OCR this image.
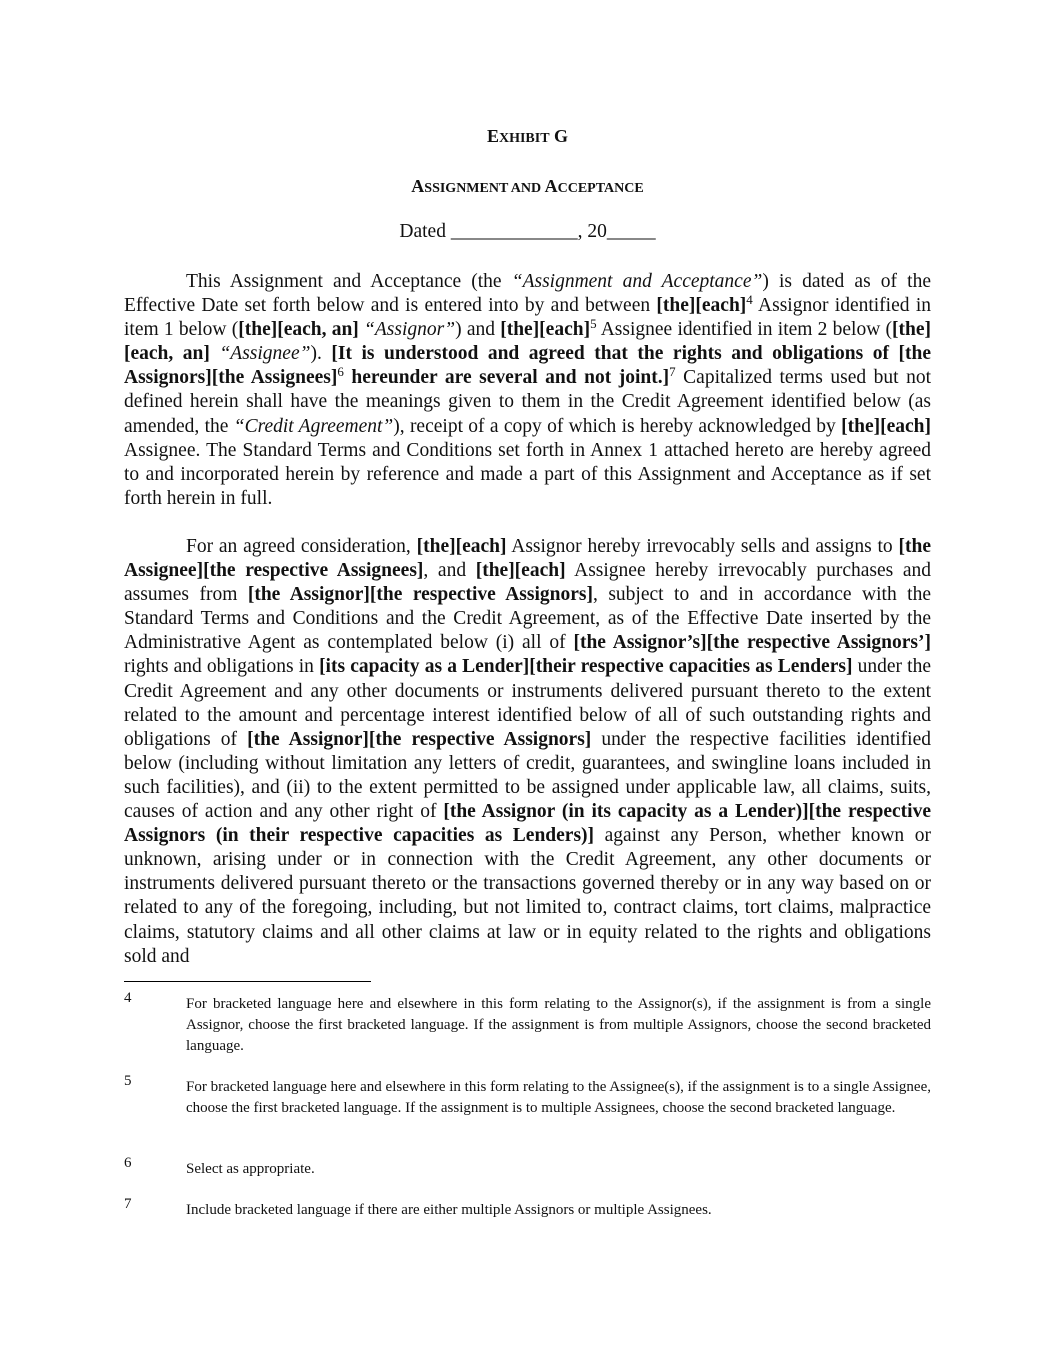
EXHIBIT G
ASSIGNMENT AND ACCEPTANCE
Dated _____________, 20_____

This Assignment and Acceptance (the “Assignment and Acceptance”) is dated as of the Effective Date set forth below and is entered into by and between [the][each]$^4$ Assignor identified in item 1 below ([the][each, an] “Assignor”) and [the][each]$^5$ Assignee identified in item 2 below ([the][each, an] “Assignee”). [It is understood and agreed that the rights and obligations of [the Assignors][the Assignees]$^6$ hereunder are several and not joint.]$^7$ Capitalized terms used but not defined herein shall have the meanings given to them in the Credit Agreement identified below (as amended, the “Credit Agreement”), receipt of a copy of which is hereby acknowledged by [the][each] Assignee. The Standard Terms and Conditions set forth in Annex 1 attached hereto are hereby agreed to and incorporated herein by reference and made a part of this Assignment and Acceptance as if set forth herein in full.

For an agreed consideration, [the][each] Assignor hereby irrevocably sells and assigns to [the Assignee][the respective Assignees], and [the][each] Assignee hereby irrevocably purchases and assumes from [the Assignor][the respective Assignors], subject to and in accordance with the Standard Terms and Conditions and the Credit Agreement, as of the Effective Date inserted by the Administrative Agent as contemplated below (i) all of [the Assignor’s][the respective Assignors’] rights and obligations in [its capacity as a Lender][their respective capacities as Lenders] under the Credit Agreement and any other documents or instruments delivered pursuant thereto to the extent related to the amount and percentage interest identified below of all of such outstanding rights and obligations of [the Assignor][the respective Assignors] under the respective facilities identified below (including without limitation any letters of credit, guarantees, and swingline loans included in such facilities), and (ii) to the extent permitted to be assigned under applicable law, all claims, suits, causes of action and any other right of [the Assignor (in its capacity as a Lender)][the respective Assignors (in their respective capacities as Lenders)] against any Person, whether known or unknown, arising under or in connection with the Credit Agreement, any other documents or instruments delivered pursuant thereto or the transactions governed thereby or in any way based on or related to any of the foregoing, including, but not limited to, contract claims, tort claims, malpractice claims, statutory claims and all other claims at law or in equity related to the rights and obligations sold and

4	For bracketed language here and elsewhere in this form relating to the Assignor(s), if the assignment is from a single Assignor, choose the first bracketed language. If the assignment is from multiple Assignors, choose the second bracketed language.
5	For bracketed language here and elsewhere in this form relating to the Assignee(s), if the assignment is to a single Assignee, choose the first bracketed language. If the assignment is to multiple Assignees, choose the second bracketed language.
6	Select as appropriate.
7	Include bracketed language if there are either multiple Assignors or multiple Assignees.
